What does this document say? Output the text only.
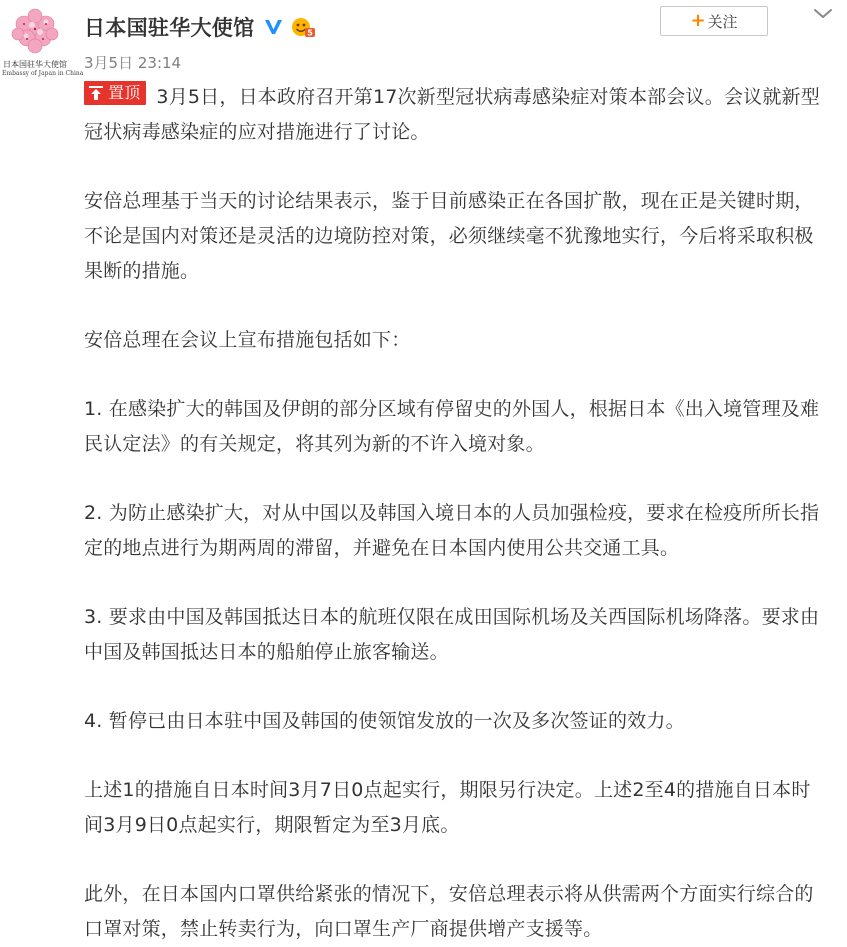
日本国驻华大使馆
Embassy of Japan in China
日本国驻华大使馆	5
3月5日 23:14
+ 关注

置顶 3月5日，日本政府召开第17次新型冠状病毒感染症对策本部会议。会议就新型冠状病毒感染症的应对措施进行了讨论。

安倍总理基于当天的讨论结果表示，鉴于目前感染正在各国扩散，现在正是关键时期，不论是国内对策还是灵活的边境防控对策，必须继续毫不犹豫地实行，今后将采取积极果断的措施。

安倍总理在会议上宣布措施包括如下：

1. 在感染扩大的韩国及伊朗的部分区域有停留史的外国人，根据日本《出入境管理及难民认定法》的有关规定，将其列为新的不许入境对象。

2. 为防止感染扩大，对从中国以及韩国入境日本的人员加强检疫，要求在检疫所所长指定的地点进行为期两周的滞留，并避免在日本国内使用公共交通工具。

3. 要求由中国及韩国抵达日本的航班仅限在成田国际机场及关西国际机场降落。要求由中国及韩国抵达日本的船舶停止旅客输送。

4. 暂停已由日本驻中国及韩国的使领馆发放的一次及多次签证的效力。

上述1的措施自日本时间3月7日0点起实行，期限另行决定。上述2至4的措施自日本时间3月9日0点起实行，期限暂定为至3月底。

此外，在日本国内口罩供给紧张的情况下，安倍总理表示将从供需两个方面实行综合的口罩对策，禁止转卖行为，向口罩生产厂商提供增产支援等。
